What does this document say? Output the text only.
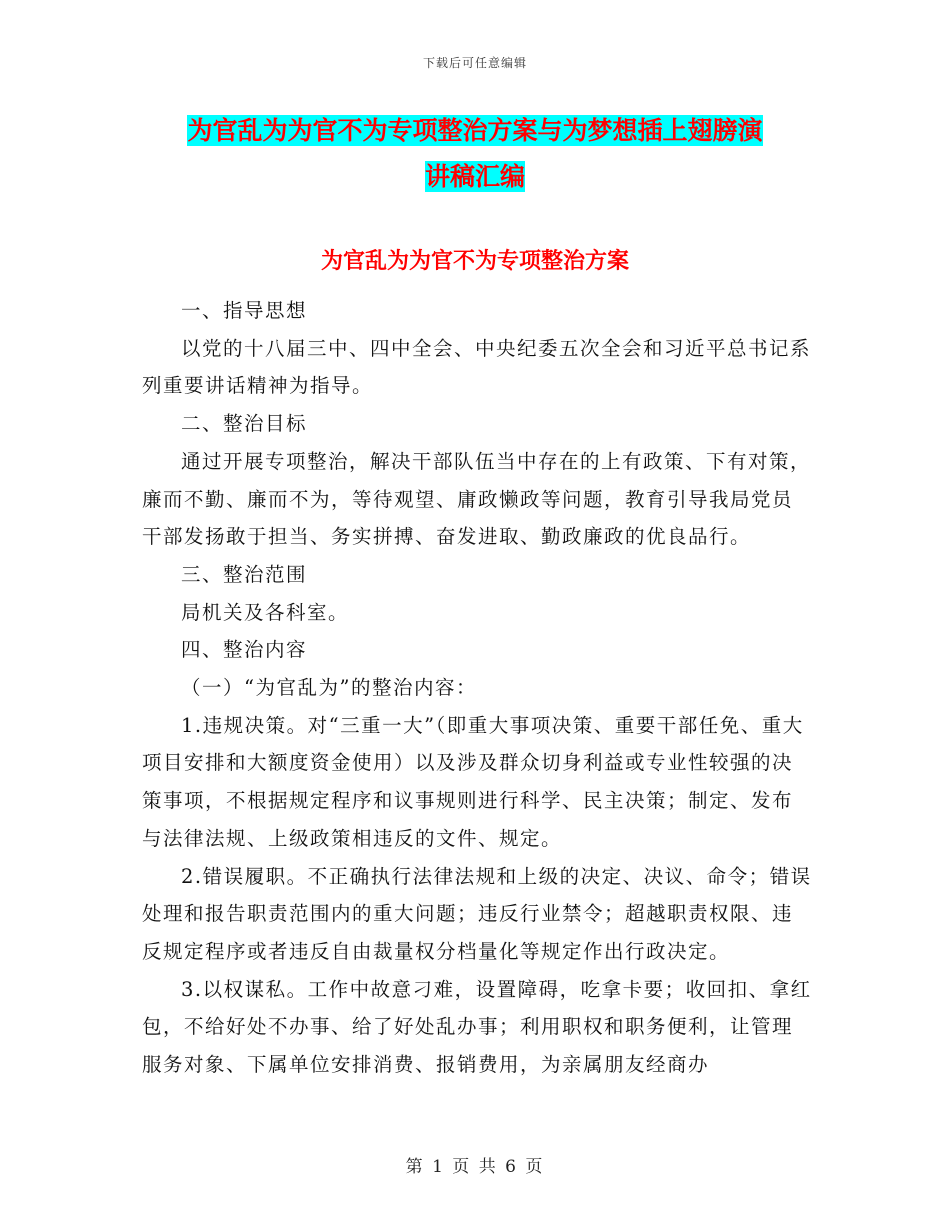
下载后可任意编辑
为官乱为为官不为专项整治方案与为梦想插上翅膀演
讲稿汇编
为官乱为为官不为专项整治方案

一、指导思想

以党的十八届三中、四中全会、中央纪委五次全会和习近平总书记系列重要讲话精神为指导。

二、整治目标

通过开展专项整治，解决干部队伍当中存在的上有政策、下有对策，廉而不勤、廉而不为，等待观望、庸政懒政等问题，教育引导我局党员干部发扬敢于担当、务实拼搏、奋发进取、勤政廉政的优良品行。

三、整治范围

局机关及各科室。

四、整治内容

（一）“为官乱为”的整治内容：

1.违规决策。对“三重一大”（即重大事项决策、重要干部任免、重大项目安排和大额度资金使用）以及涉及群众切身利益或专业性较强的决策事项，不根据规定程序和议事规则进行科学、民主决策；制定、发布与法律法规、上级政策相违反的文件、规定。

2.错误履职。不正确执行法律法规和上级的决定、决议、命令；错误处理和报告职责范围内的重大问题；违反行业禁令；超越职责权限、违反规定程序或者违反自由裁量权分档量化等规定作出行政决定。

3.以权谋私。工作中故意刁难，设置障碍，吃拿卡要；收回扣、拿红包，不给好处不办事、给了好处乱办事；利用职权和职务便利，让管理服务对象、下属单位安排消费、报销费用，为亲属朋友经商办

第 1 页 共 6 页
